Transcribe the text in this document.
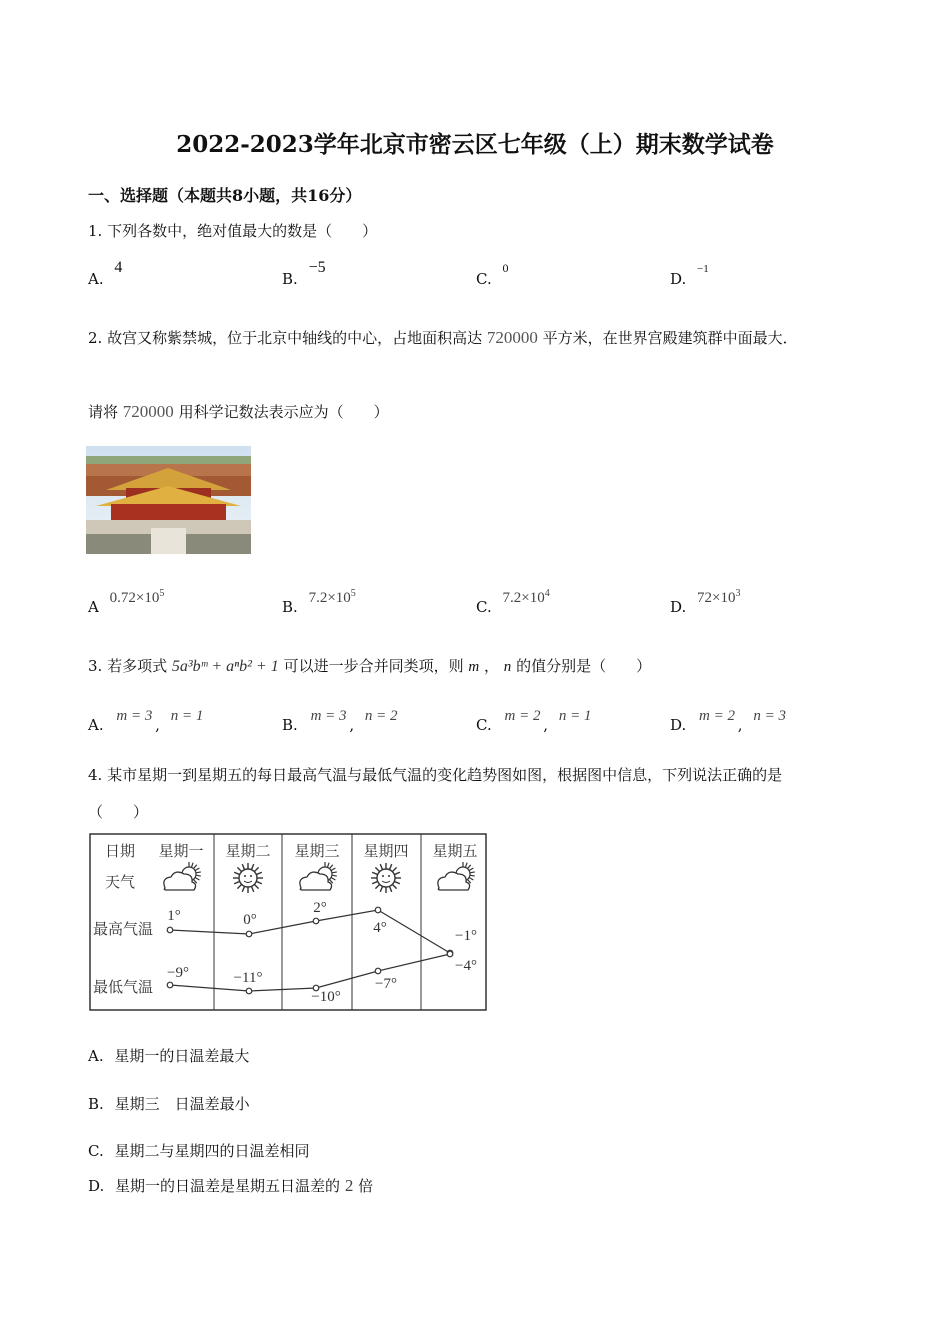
2022-2023学年北京市密云区七年级（上）期末数学试卷
一、选择题（本题共8小题，共16分）
1. 下列各数中，绝对值最大的数是（　　）
A. 4
B. −5
C. $^0$
D. $^{-1}$
2. 故宫又称紫禁城，位于北京中轴线的中心，占地面积高达 720000 平方米，在世界宫殿建筑群中面最大．
请将 720000 用科学记数法表示应为（　　）
A $0.72\times 10^5$
B. $7.2\times 10^5$
C. $7.2\times 10^4$
D. $72\times 10^3$
3. 若多项式 5a³bᵐ + aⁿb² + 1 可以进一步合并同类项，则 m ， n 的值分别是（　　）
A. m = 3 , n = 1	B. m = 3 , n = 2	C. m = 2 , n = 1	D. m = 2 , n = 3
4. 某市星期一到星期五的每日最高气温与最低气温的变化趋势图如图，根据图中信息，下列说法正确的是
（　　）
日期
天气
最高气温
最低气温
星期一 星期二 星期三 星期四 星期五
1°	0°
2°
4°	−1°
−9°	−11°
−10°
−7°
−4°
A. 星期一的日温差最大
B. 星期三　日温差最小
C. 星期二与星期四的日温差相同
D. 星期一的日温差是星期五日温差的 2 倍
